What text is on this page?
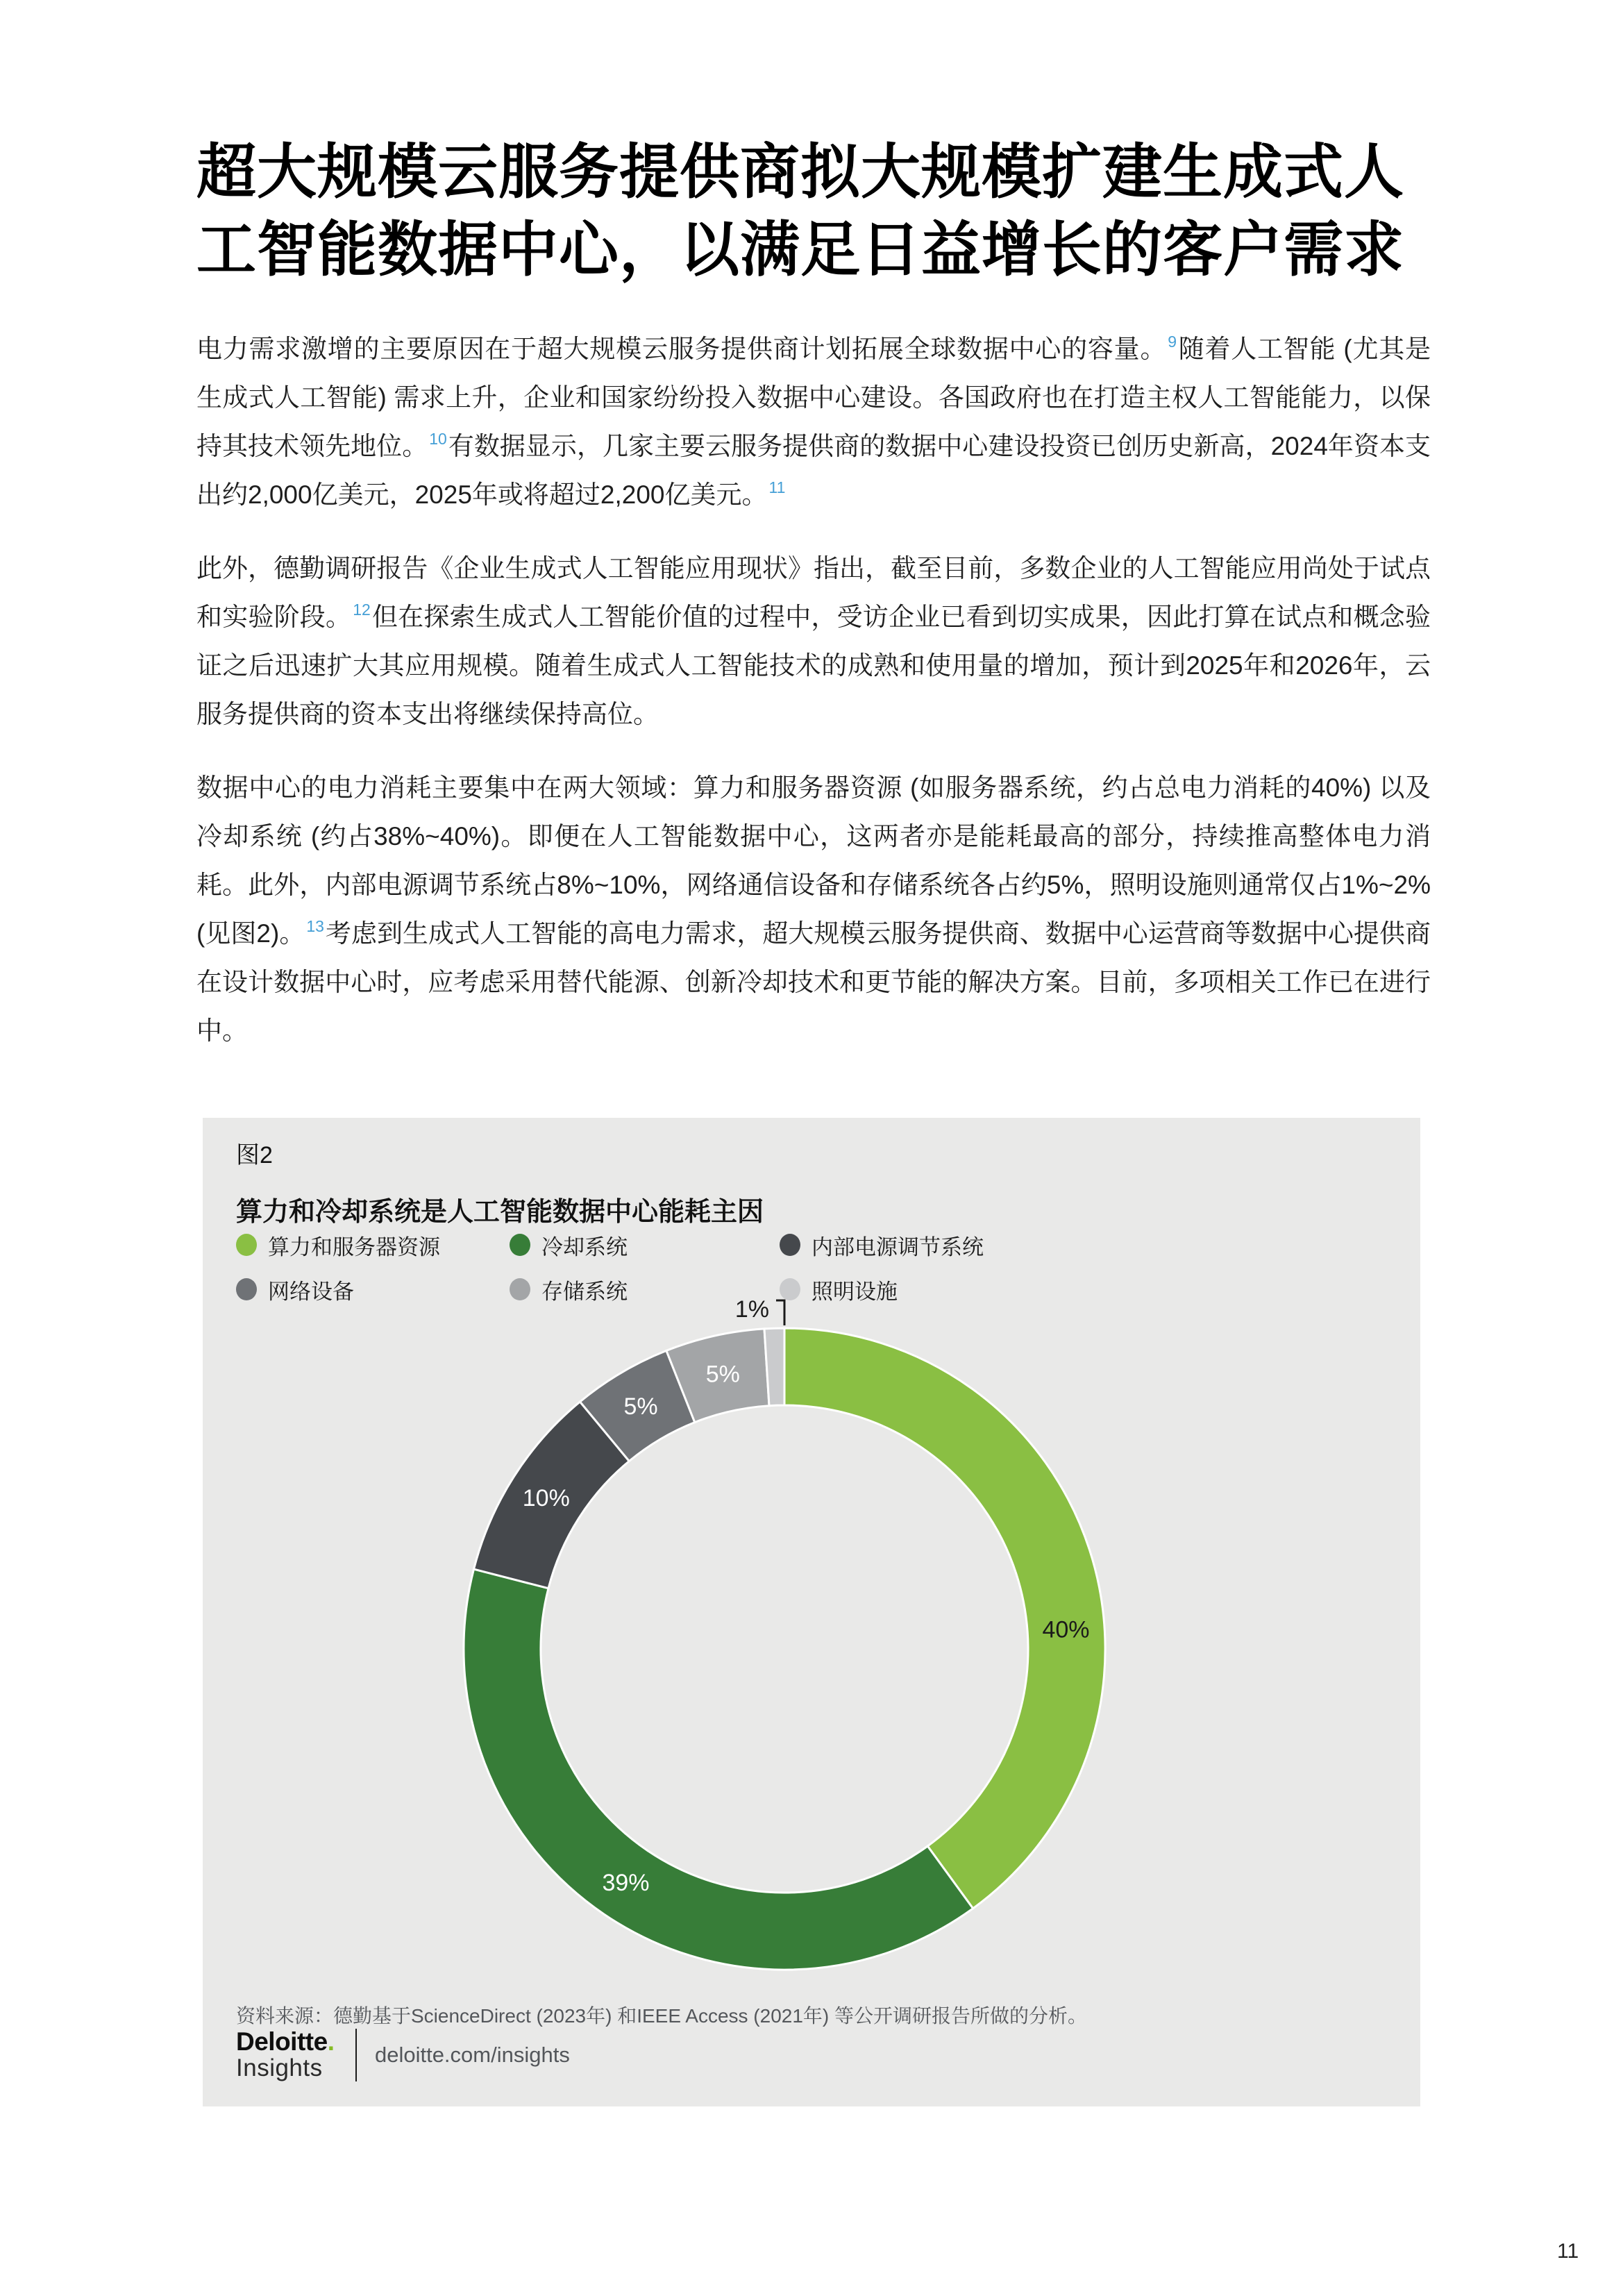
超大规模云服务提供商拟大规模扩建生成式人工智能数据中心，以满足日益增长的客户需求

电力需求激增的主要原因在于超大规模云服务提供商计划拓展全球数据中心的容量。$^9$随着人工智能 (尤其是生成式人工智能) 需求上升，企业和国家纷纷投入数据中心建设。各国政府也在打造主权人工智能能力，以保持其技术领先地位。$^{10}$有数据显示，几家主要云服务提供商的数据中心建设投资已创历史新高，2024年资本支出约2,000亿美元，2025年或将超过2,200亿美元。$^{11}$

此外，德勤调研报告《企业生成式人工智能应用现状》指出，截至目前，多数企业的人工智能应用尚处于试点和实验阶段。$^{12}$但在探索生成式人工智能价值的过程中，受访企业已看到切实成果，因此打算在试点和概念验证之后迅速扩大其应用规模。随着生成式人工智能技术的成熟和使用量的增加，预计到2025年和2026年，云服务提供商的资本支出将继续保持高位。

数据中心的电力消耗主要集中在两大领域：算力和服务器资源 (如服务器系统，约占总电力消耗的40%) 以及冷却系统 (约占38%~40%)。即便在人工智能数据中心，这两者亦是能耗最高的部分，持续推高整体电力消耗。此外，内部电源调节系统占8%~10%，网络通信设备和存储系统各占约5%，照明设施则通常仅占1%~2% (见图2)。$^{13}$考虑到生成式人工智能的高电力需求，超大规模云服务提供商、数据中心运营商等数据中心提供商在设计数据中心时，应考虑采用替代能源、创新冷却技术和更节能的解决方案。目前，多项相关工作已在进行中。

图2
算力和冷却系统是人工智能数据中心能耗主因
算力和服务器资源	冷却系统	内部电源调节系统
网络设备	存储系统	照明设施
40%
39%
10%
5%
5%
1%
资料来源：德勤基于ScienceDirect (2023年) 和IEEE Access (2021年) 等公开调研报告所做的分析。
Deloitte.
Insights	deloitte.com/insights
11
